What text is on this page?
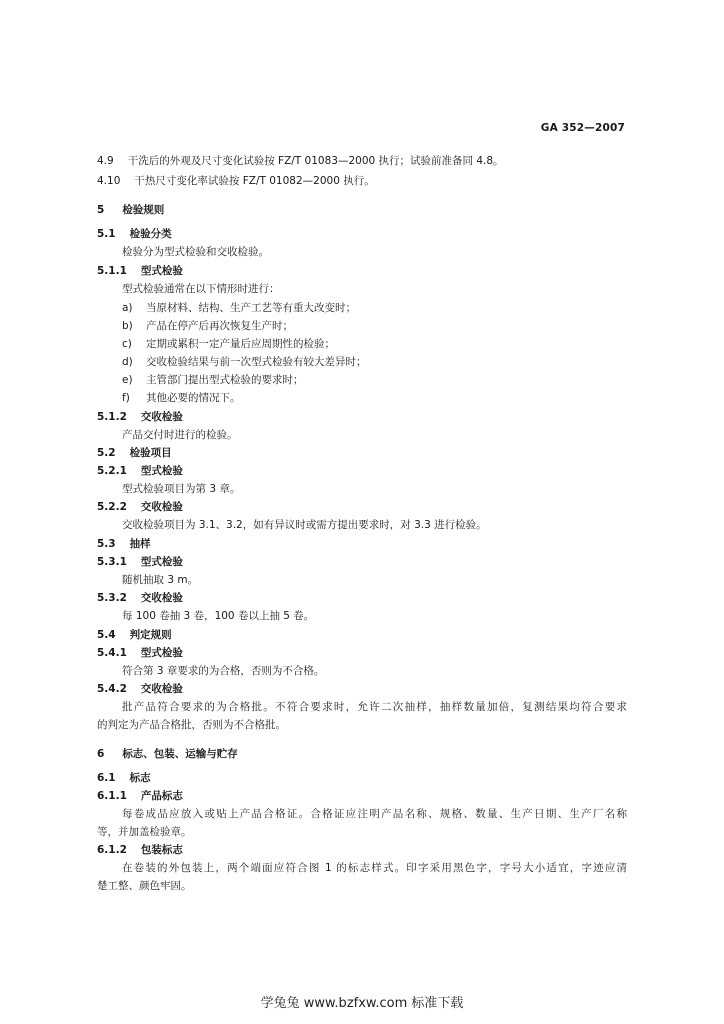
GA 352—2007
4.9 干洗后的外观及尺寸变化试验按 FZ/T 01083—2000 执行；试验前准备同 4.8。
4.10 干热尺寸变化率试验按 FZ/T 01082—2000 执行。
5 检验规则
5.1 检验分类
检验分为型式检验和交收检验。
5.1.1 型式检验
型式检验通常在以下情形时进行：
a) 当原材料、结构、生产工艺等有重大改变时；
b) 产品在停产后再次恢复生产时；
c) 定期或累积一定产量后应周期性的检验；
d) 交收检验结果与前一次型式检验有较大差异时；
e) 主管部门提出型式检验的要求时；
f) 其他必要的情况下。
5.1.2 交收检验
产品交付时进行的检验。
5.2 检验项目
5.2.1 型式检验
型式检验项目为第 3 章。
5.2.2 交收检验
交收检验项目为 3.1、3.2，如有异议时或需方提出要求时，对 3.3 进行检验。
5.3 抽样
5.3.1 型式检验
随机抽取 3 m。
5.3.2 交收检验
每 100 卷抽 3 卷，100 卷以上抽 5 卷。
5.4 判定规则
5.4.1 型式检验
符合第 3 章要求的为合格，否则为不合格。
5.4.2 交收检验
批产品符合要求的为合格批。不符合要求时，允许二次抽样，抽样数量加倍，复测结果均符合要求
的判定为产品合格批，否则为不合格批。
6 标志、包装、运输与贮存
6.1 标志
6.1.1 产品标志
每卷成品应放入或贴上产品合格证。合格证应注明产品名称、规格、数量、生产日期、生产厂名称
等，并加盖检验章。
6.1.2 包装标志
在卷装的外包装上，两个端面应符合图 1 的标志样式。印字采用黑色字，字号大小适宜，字迹应清
楚工整、颜色牢固。
学兔兔 www.bzfxw.com 标准下载
